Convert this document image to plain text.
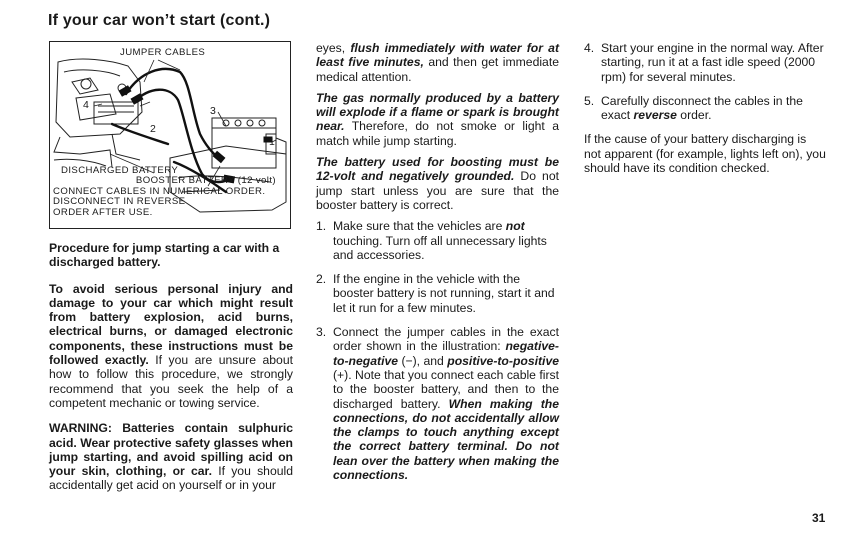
If your car won’t start (cont.)
JUMPER CABLES
4
2
3
1
DISCHARGED BATTERY
BOOSTER BATTERY (12 volt)
CONNECT CABLES IN NUMERICAL ORDER.
DISCONNECT IN REVERSE
ORDER AFTER USE.

Procedure for jump starting a car with a discharged battery.

To avoid serious personal injury and damage to your car which might result from battery explosion, acid burns, electrical burns, or damaged electronic components, these instructions must be followed exactly. If you are unsure about how to follow this procedure, we strongly recommend that you seek the help of a competent mechanic or towing service.

WARNING: Batteries contain sulphuric acid. Wear protective safety glasses when jump starting, and avoid spilling acid on your skin, clothing, or car. If you should accidentally get acid on yourself or in your

eyes, flush immediately with water for at least five minutes, and then get immediate medical attention.

The gas normally produced by a battery will explode if a flame or spark is brought near. Therefore, do not smoke or light a match while jump starting.

The battery used for boosting must be 12-volt and negatively grounded. Do not jump start unless you are sure that the booster battery is correct.

1. Make sure that the vehicles are not touching. Turn off all unnecessary lights and accessories.
2. If the engine in the vehicle with the booster battery is not running, start it and let it run for a few minutes.
3. Connect the jumper cables in the exact order shown in the illustration: negative-to-negative (−), and positive-to-positive (+). Note that you connect each cable first to the booster battery, and then to the discharged battery. When making the connections, do not accidentally allow the clamps to touch anything except the correct battery terminal. Do not lean over the battery when making the connections.
4. Start your engine in the normal way. After starting, run it at a fast idle speed (2000 rpm) for several minutes.
5. Carefully disconnect the cables in the exact reverse order.

If the cause of your battery discharging is not apparent (for example, lights left on), you should have its condition checked.

31
